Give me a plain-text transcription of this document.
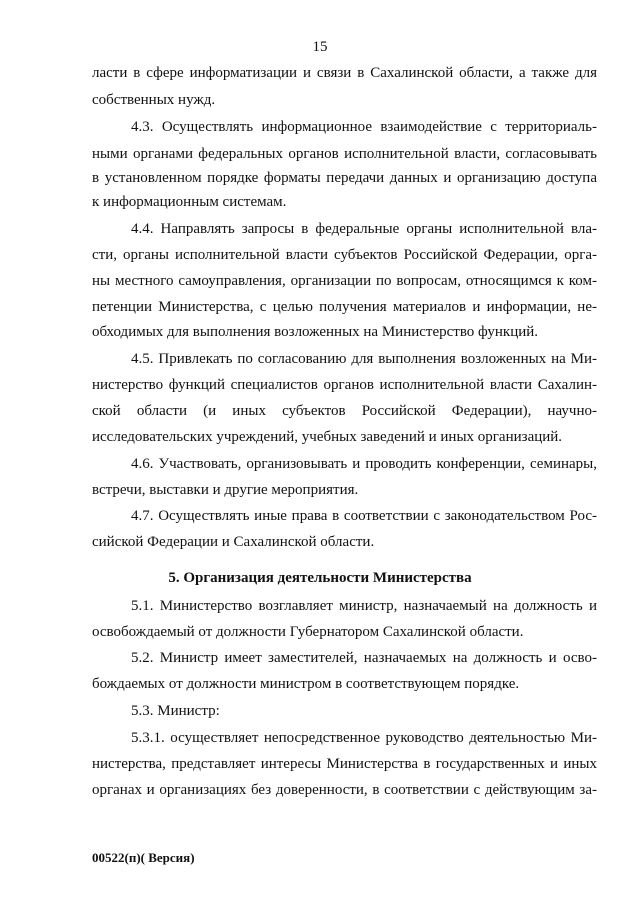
15
ласти в сфере информатизации и связи в Сахалинской области, а также для
собственных нужд.
4.3. Осуществлять информационное взаимодействие с территориаль-
ными органами федеральных органов исполнительной власти, согласовывать
в установленном порядке форматы передачи данных и организацию доступа
к информационным системам.
4.4. Направлять запросы в федеральные органы исполнительной вла-
сти, органы исполнительной власти субъектов Российской Федерации, орга-
ны местного самоуправления, организации по вопросам, относящимся к ком-
петенции Министерства, с целью получения материалов и информации, не-
обходимых для выполнения возложенных на Министерство функций.
4.5. Привлекать по согласованию для выполнения возложенных на Ми-
нистерство функций специалистов органов исполнительной власти Сахалин-
ской области (и иных субъектов Российской Федерации), научно-
исследовательских учреждений, учебных заведений и иных организаций.
4.6. Участвовать, организовывать и проводить конференции, семинары,
встречи, выставки и другие мероприятия.
4.7. Осуществлять иные права в соответствии с законодательством Рос-
сийской Федерации и Сахалинской области.
5. Организация деятельности Министерства
5.1. Министерство возглавляет министр, назначаемый на должность и
освобождаемый от должности Губернатором Сахалинской области.
5.2. Министр имеет заместителей, назначаемых на должность и осво-
бождаемых от должности министром в соответствующем порядке.
5.3. Министр:
5.3.1. осуществляет непосредственное руководство деятельностью Ми-
нистерства, представляет интересы Министерства в государственных и иных
органах и организациях без доверенности, в соответствии с действующим за-
00522(п)( Версия)
